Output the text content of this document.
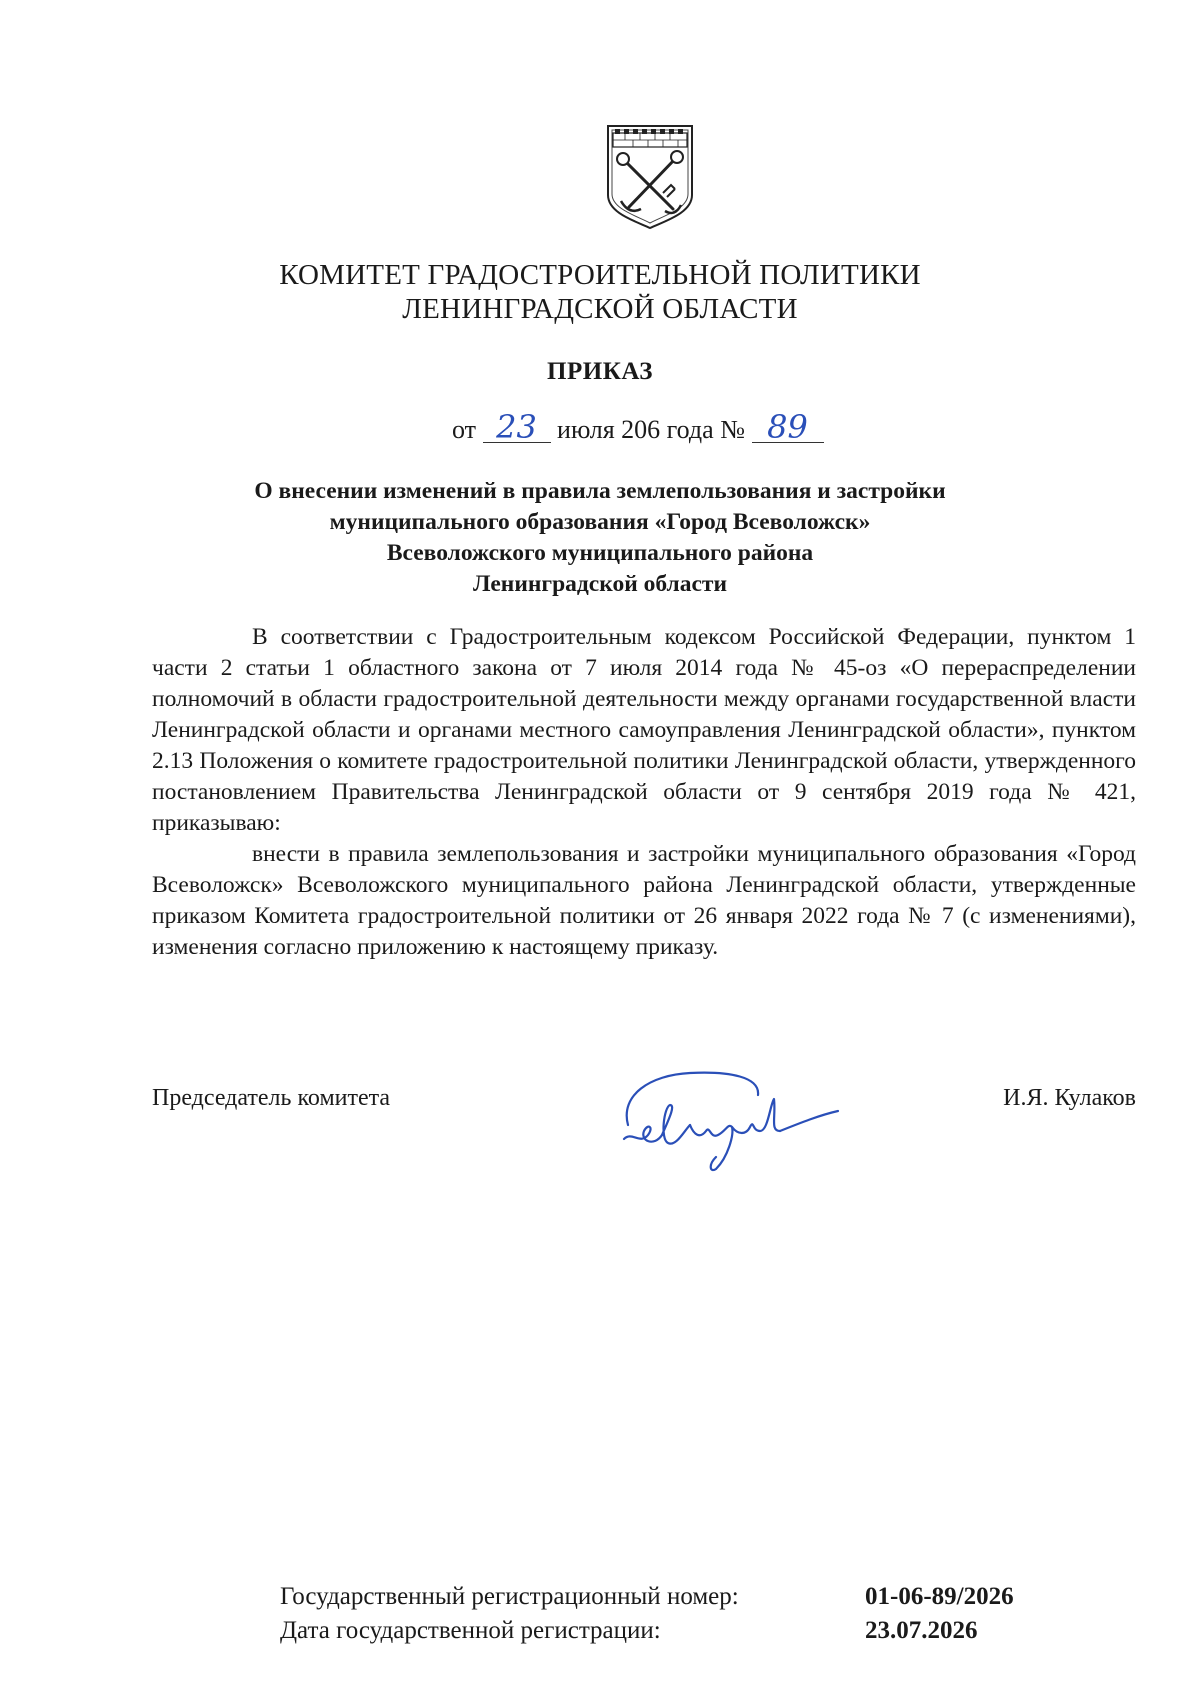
КОМИТЕТ ГРАДОСТРОИТЕЛЬНОЙ ПОЛИТИКИ
ЛЕНИНГРАДСКОЙ ОБЛАСТИ
ПРИКАЗ
от 23 июля 206 года № 89
О внесении изменений в правила землепользования и застройки
муниципального образования «Город Всеволожск»
Всеволожского муниципального района
Ленинградской области

В соответствии с Градостроительным кодексом Российской Федерации, пунктом 1 части 2 статьи 1 областного закона от 7 июля 2014 года № 45-оз «О перераспределении полномочий в области градостроительной деятельности между органами государственной власти Ленинградской области и органами местного самоуправления Ленинградской области», пунктом 2.13 Положения о комитете градостроительной политики Ленинградской области, утвержденного постановлением Правительства Ленинградской области от 9 сентября 2019 года № 421, приказываю:

внести в правила землепользования и застройки муниципального образования «Город Всеволожск» Всеволожского муниципального района Ленинградской области, утвержденные приказом Комитета градостроительной политики от 26 января 2022 года № 7 (с изменениями), изменения согласно приложению к настоящему приказу.

Председатель комитета	И.Я. Кулаков
Государственный регистрационный номер:	01-06-89/2026
Дата государственной регистрации:	23.07.2026
